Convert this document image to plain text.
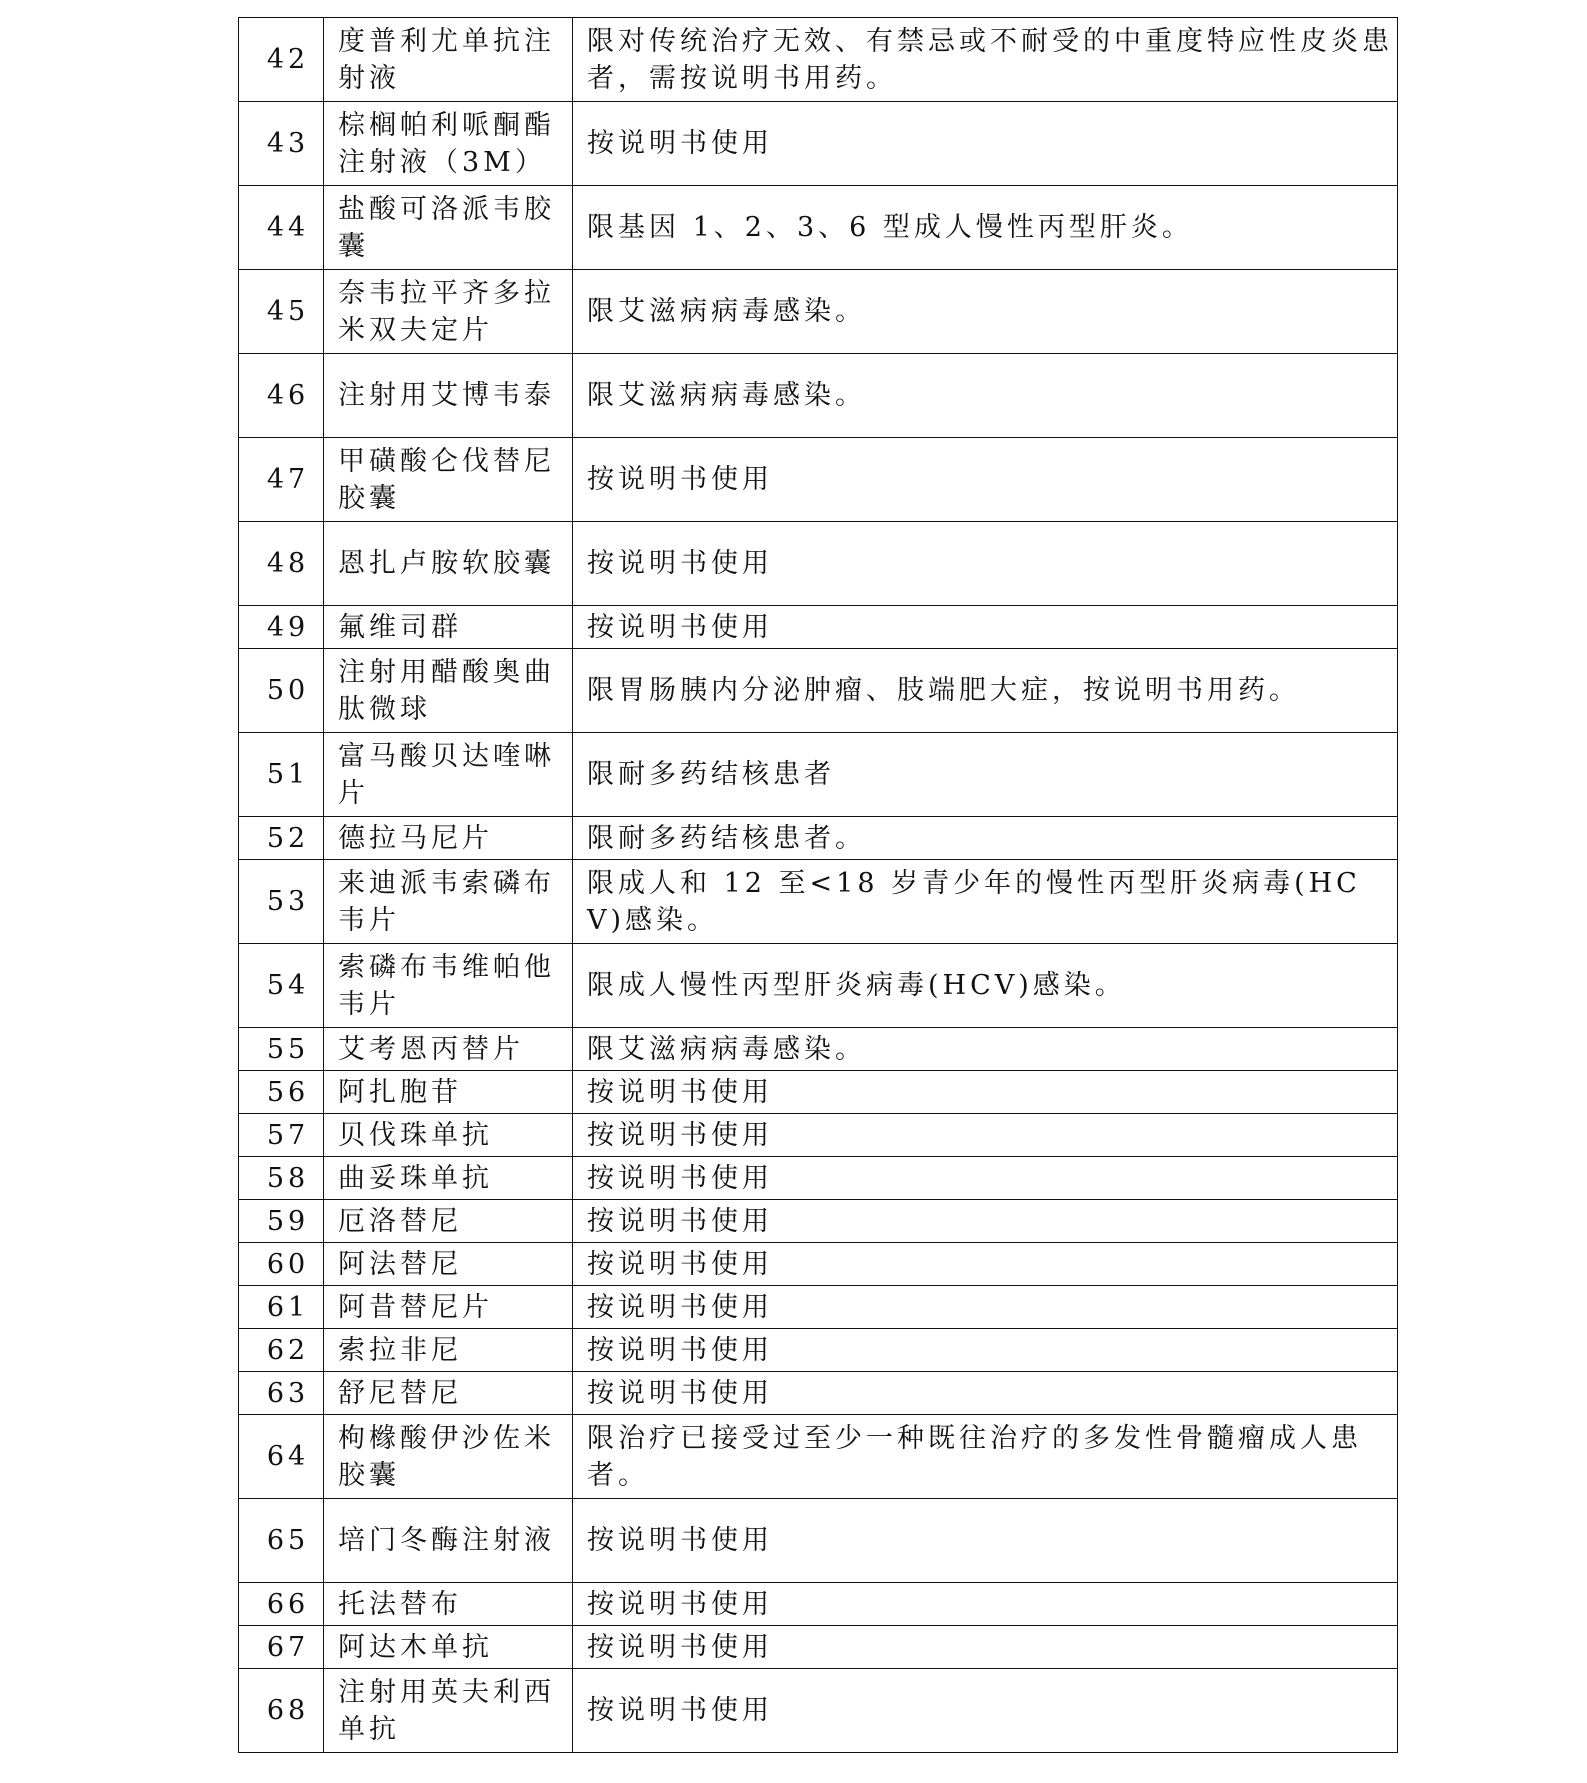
42	度普利尤单抗注射液	限对传统治疗无效、有禁忌或不耐受的中重度特应性皮炎患者，需按说明书用药。
43	棕榈帕利哌酮酯注射液（3M）	按说明书使用
44	盐酸可洛派韦胶囊	限基因 1、2、3、6 型成人慢性丙型肝炎。
45	奈韦拉平齐多拉米双夫定片	限艾滋病病毒感染。
46	注射用艾博韦泰	限艾滋病病毒感染。
47	甲磺酸仑伐替尼胶囊	按说明书使用
48	恩扎卢胺软胶囊	按说明书使用
49	氟维司群	按说明书使用
50	注射用醋酸奥曲肽微球	限胃肠胰内分泌肿瘤、肢端肥大症，按说明书用药。
51	富马酸贝达喹啉片	限耐多药结核患者
52	德拉马尼片	限耐多药结核患者。
53	来迪派韦索磷布韦片	限成人和 12 至<18 岁青少年的慢性丙型肝炎病毒(HCV)感染。
54	索磷布韦维帕他韦片	限成人慢性丙型肝炎病毒(HCV)感染。
55	艾考恩丙替片	限艾滋病病毒感染。
56	阿扎胞苷	按说明书使用
57	贝伐珠单抗	按说明书使用
58	曲妥珠单抗	按说明书使用
59	厄洛替尼	按说明书使用
60	阿法替尼	按说明书使用
61	阿昔替尼片	按说明书使用
62	索拉非尼	按说明书使用
63	舒尼替尼	按说明书使用
64	枸橼酸伊沙佐米胶囊	限治疗已接受过至少一种既往治疗的多发性骨髓瘤成人患者。
65	培门冬酶注射液	按说明书使用
66	托法替布	按说明书使用
67	阿达木单抗	按说明书使用
68	注射用英夫利西单抗	按说明书使用
